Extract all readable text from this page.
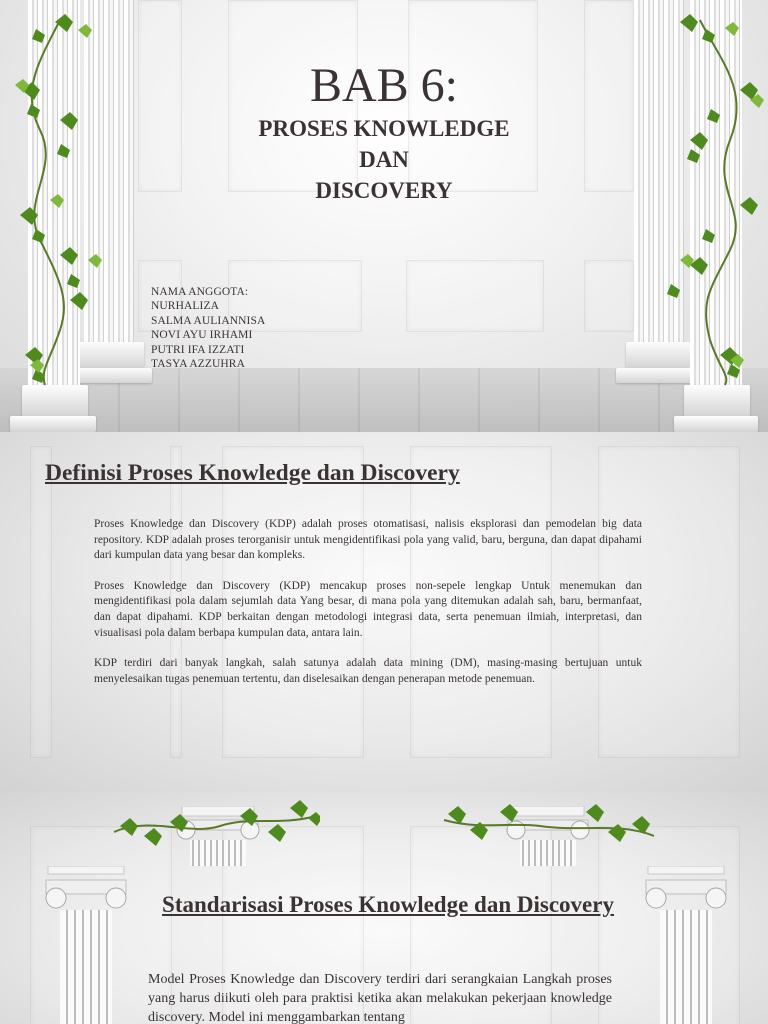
BAB 6:
PROSES KNOWLEDGE
DAN
DISCOVERY
NAMA ANGGOTA:
NURHALIZA
SALMA AULIANNISA
NOVI AYU IRHAMI
PUTRI IFA IZZATI
TASYA AZZUHRA
Definisi Proses Knowledge dan Discovery

Proses Knowledge dan Discovery (KDP) adalah proses otomatisasi, nalisis eksplorasi dan pemodelan big data repository. KDP adalah proses terorganisir untuk mengidentifikasi pola yang valid, baru, berguna, dan dapat dipahami dari kumpulan data yang besar dan kompleks.

Proses Knowledge dan Discovery (KDP) mencakup proses non-sepele lengkap Untuk menemukan dan mengidentifikasi pola dalam sejumlah data Yang besar, di mana pola yang ditemukan adalah sah, baru, bermanfaat, dan dapat dipahami. KDP berkaitan dengan metodologi integrasi data, serta penemuan ilmiah, interpretasi, dan visualisasi pola dalam berbapa kumpulan data, antara lain.

KDP terdiri dari banyak langkah, salah satunya adalah data mining (DM), masing-masing bertujuan untuk menyelesaikan tugas penemuan tertentu, dan diselesaikan dengan penerapan metode penemuan.

Standarisasi Proses Knowledge dan Discovery
Model Proses Knowledge dan Discovery terdiri dari serangkaian Langkah proses yang harus diikuti oleh para praktisi ketika akan melakukan pekerjaan knowledge discovery. Model ini menggambarkan tentang
